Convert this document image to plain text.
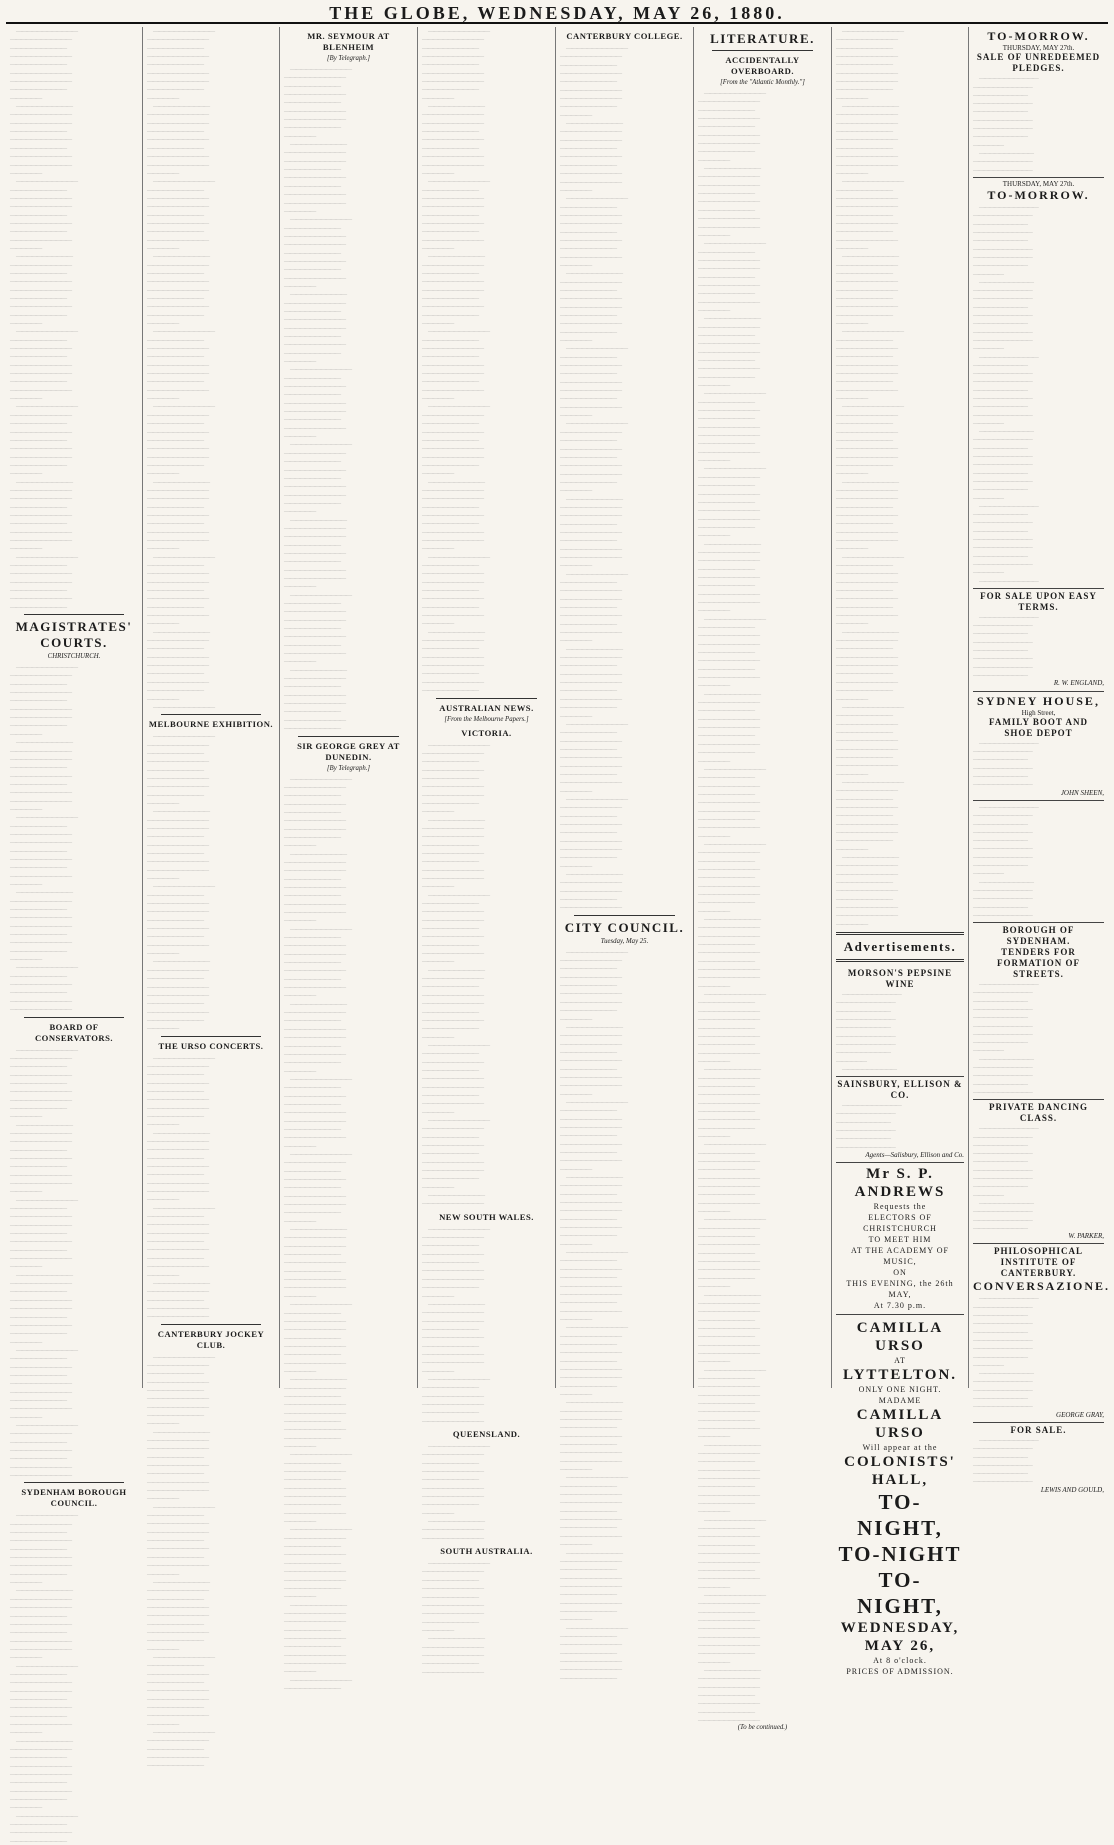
THE GLOBE, WEDNESDAY, MAY 26, 1880.
————————————
————————————
———————————
————————————
———————————
————————————
————————————
———————————
——————
———————————
————————————
————————————
———————————
————————————
———————————
————————————
————————————
——————
————————————
———————————
————————————
————————————
———————————
————————————
———————————
————————————
——————
———————————
————————————
———————————
————————————
————————————
———————————
————————————
———————————
——————
————————————
———————————
————————————
———————————
————————————
————————————
———————————
————————————
——————
————————————
————————————
———————————
————————————
———————————
————————————
————————————
———————————
——————
———————————
————————————
————————————
———————————
————————————
———————————
————————————
————————————
——————
————————————
———————————
————————————
————————————
———————————
————————————
———————————
MAGISTRATES' COURTS.
CHRISTCHURCH.
————————————
————————————
———————————
————————————
———————————
————————————
————————————
———————————
——————
———————————
————————————
————————————
———————————
————————————
———————————
————————————
————————————
——————
————————————
———————————
————————————
————————————
———————————
————————————
———————————
————————————
——————
———————————
————————————
———————————
————————————
————————————
———————————
————————————
———————————
——————
————————————
———————————
————————————
———————————
————————————
————————————
BOARD OF CONSERVATORS.
————————————
————————————
———————————
————————————
———————————
————————————
————————————
———————————
——————
———————————
————————————
————————————
———————————
————————————
———————————
————————————
————————————
——————
————————————
———————————
————————————
————————————
———————————
————————————
———————————
————————————
——————
———————————
————————————
———————————
————————————
————————————
———————————
————————————
———————————
——————
————————————
———————————
————————————
———————————
————————————
————————————
———————————
————————————
——————
————————————
————————————
———————————
————————————
———————————
————————————
————————————
SYDENHAM BOROUGH COUNCIL.
————————————
————————————
———————————
————————————
———————————
————————————
————————————
———————————
——————
———————————
————————————
————————————
———————————
————————————
———————————
————————————
————————————
——————
————————————
———————————
————————————
————————————
———————————
————————————
———————————
————————————
——————
———————————
————————————
———————————
————————————
————————————
———————————
————————————
———————————
——————
————————————
———————————
————————————
———————————
————————————
————————————
———————————
————————————
———————————
————————————
————————————
———————————
——————
———————————
————————————
————————————
———————————
————————————
———————————
————————————
————————————
——————
————————————
———————————
————————————
————————————
———————————
————————————
———————————
————————————
——————
———————————
————————————
———————————
————————————
————————————
———————————
————————————
———————————
——————
————————————
———————————
————————————
———————————
————————————
————————————
———————————
————————————
——————
————————————
————————————
———————————
————————————
———————————
————————————
————————————
———————————
——————
———————————
————————————
————————————
———————————
————————————
———————————
————————————
————————————
——————
————————————
———————————
————————————
————————————
———————————
————————————
———————————
————————————
——————
———————————
————————————
———————————
————————————
————————————
———————————
————————————
———————————
——————
————————————
MELBOURNE EXHIBITION.
————————————
————————————
———————————
————————————
———————————
————————————
————————————
———————————
——————
———————————
————————————
————————————
———————————
————————————
———————————
————————————
————————————
——————
————————————
———————————
————————————
————————————
———————————
————————————
———————————
————————————
——————
———————————
————————————
———————————
————————————
————————————
———————————
————————————
———————————
——————
THE URSO CONCERTS.
————————————
————————————
———————————
————————————
———————————
————————————
————————————
———————————
——————
———————————
————————————
————————————
———————————
————————————
———————————
————————————
————————————
——————
————————————
———————————
————————————
————————————
———————————
————————————
———————————
————————————
——————
———————————
————————————
———————————
————————————
————————————
CANTERBURY JOCKEY CLUB.
————————————
————————————
———————————
————————————
———————————
————————————
————————————
———————————
——————
———————————
————————————
————————————
———————————
————————————
———————————
————————————
————————————
——————
————————————
———————————
————————————
————————————
———————————
————————————
———————————
————————————
——————
———————————
————————————
———————————
————————————
————————————
———————————
————————————
———————————
——————
————————————
———————————
————————————
———————————
————————————
————————————
———————————
————————————
——————
————————————
————————————
———————————
————————————
———————————
MR. SEYMOUR AT BLENHEIM
[By Telegraph.]
————————————
————————————
———————————
————————————
———————————
————————————
————————————
———————————
——————
———————————
————————————
————————————
———————————
————————————
———————————
————————————
————————————
——————
————————————
———————————
————————————
————————————
———————————
————————————
———————————
————————————
——————
———————————
————————————
———————————
————————————
————————————
———————————
————————————
———————————
——————
————————————
———————————
————————————
———————————
————————————
————————————
———————————
————————————
——————
————————————
————————————
———————————
————————————
———————————
————————————
————————————
———————————
——————
———————————
————————————
————————————
———————————
————————————
———————————
————————————
————————————
——————
————————————
———————————
————————————
————————————
———————————
————————————
———————————
————————————
——————
———————————
————————————
———————————
————————————
————————————
———————————
————————————
———————————
SIR GEORGE GREY AT DUNEDIN.
[By Telegraph.]
————————————
————————————
———————————
————————————
———————————
————————————
————————————
———————————
——————
———————————
————————————
————————————
———————————
————————————
———————————
————————————
————————————
——————
————————————
———————————
————————————
————————————
———————————
————————————
———————————
————————————
——————
———————————
————————————
———————————
————————————
————————————
———————————
————————————
———————————
——————
————————————
———————————
————————————
———————————
————————————
————————————
———————————
————————————
——————
————————————
————————————
———————————
————————————
———————————
————————————
————————————
———————————
——————
———————————
————————————
————————————
———————————
————————————
———————————
————————————
————————————
——————
————————————
———————————
————————————
————————————
———————————
————————————
———————————
————————————
——————
———————————
————————————
———————————
————————————
————————————
———————————
————————————
———————————
——————
————————————
———————————
————————————
———————————
————————————
————————————
———————————
————————————
——————
————————————
————————————
———————————
————————————
———————————
————————————
————————————
———————————
——————
———————————
————————————
————————————
———————————
————————————
———————————
————————————
————————————
——————
————————————
———————————
————————————
————————————
———————————
————————————
———————————
————————————
————————————
———————————
——————
———————————
————————————
————————————
———————————
————————————
———————————
————————————
————————————
——————
————————————
———————————
————————————
————————————
———————————
————————————
———————————
————————————
——————
———————————
————————————
———————————
————————————
————————————
———————————
————————————
———————————
——————
————————————
———————————
————————————
———————————
————————————
————————————
———————————
————————————
——————
————————————
————————————
———————————
————————————
———————————
————————————
————————————
———————————
——————
———————————
————————————
————————————
———————————
————————————
———————————
————————————
————————————
——————
————————————
———————————
————————————
————————————
———————————
————————————
———————————
————————————
——————
———————————
————————————
———————————
————————————
————————————
———————————
————————————
———————————
AUSTRALIAN NEWS.
[From the Melbourne Papers.]
VICTORIA.
————————————
————————————
———————————
————————————
———————————
————————————
————————————
———————————
——————
———————————
————————————
————————————
———————————
————————————
———————————
————————————
————————————
——————
————————————
———————————
————————————
————————————
———————————
————————————
———————————
————————————
——————
———————————
————————————
———————————
————————————
————————————
———————————
————————————
———————————
——————
————————————
———————————
————————————
———————————
————————————
————————————
———————————
————————————
——————
————————————
————————————
———————————
————————————
———————————
————————————
————————————
———————————
——————
———————————
————————————
NEW SOUTH WALES.
————————————
————————————
———————————
————————————
———————————
————————————
————————————
———————————
——————
———————————
————————————
————————————
———————————
————————————
———————————
————————————
————————————
——————
————————————
———————————
————————————
————————————
———————————
————————————
QUEENSLAND.
————————————
————————————
———————————
————————————
———————————
————————————
————————————
———————————
——————
———————————
————————————
————————————
SOUTH AUSTRALIA.
————————————
————————————
———————————
————————————
———————————
————————————
————————————
———————————
——————
———————————
————————————
————————————
———————————
————————————
CANTERBURY COLLEGE.
————————————
————————————
———————————
————————————
———————————
————————————
————————————
———————————
——————
———————————
————————————
————————————
———————————
————————————
———————————
————————————
————————————
——————
————————————
———————————
————————————
————————————
———————————
————————————
———————————
————————————
——————
———————————
————————————
———————————
————————————
————————————
———————————
————————————
———————————
——————
————————————
———————————
————————————
———————————
————————————
————————————
———————————
————————————
——————
————————————
————————————
———————————
————————————
———————————
————————————
————————————
———————————
——————
———————————
————————————
————————————
———————————
————————————
———————————
————————————
————————————
——————
————————————
———————————
————————————
————————————
———————————
————————————
———————————
————————————
——————
———————————
————————————
———————————
————————————
————————————
———————————
————————————
———————————
——————
————————————
———————————
————————————
———————————
————————————
————————————
———————————
————————————
——————
————————————
————————————
———————————
————————————
———————————
————————————
————————————
———————————
——————
———————————
————————————
————————————
———————————
————————————
CITY COUNCIL.
Tuesday, May 25.
————————————
————————————
———————————
————————————
———————————
————————————
————————————
———————————
——————
———————————
————————————
————————————
———————————
————————————
———————————
————————————
————————————
——————
————————————
———————————
————————————
————————————
———————————
————————————
———————————
————————————
——————
———————————
————————————
———————————
————————————
————————————
———————————
————————————
———————————
——————
————————————
———————————
————————————
———————————
————————————
————————————
———————————
————————————
——————
————————————
————————————
———————————
————————————
———————————
————————————
————————————
———————————
——————
———————————
————————————
————————————
———————————
————————————
———————————
————————————
————————————
——————
————————————
———————————
————————————
————————————
———————————
————————————
———————————
————————————
——————
———————————
————————————
———————————
————————————
————————————
———————————
————————————
———————————
——————
————————————
———————————
————————————
———————————
————————————
————————————
———————————
LITERATURE.
ACCIDENTALLY OVERBOARD.
[From the "Atlantic Monthly."]
————————————
————————————
———————————
————————————
———————————
————————————
————————————
———————————
——————
———————————
————————————
————————————
———————————
————————————
———————————
————————————
————————————
——————
————————————
———————————
————————————
————————————
———————————
————————————
———————————
————————————
——————
———————————
————————————
———————————
————————————
————————————
———————————
————————————
———————————
——————
————————————
———————————
————————————
———————————
————————————
————————————
———————————
————————————
——————
————————————
————————————
———————————
————————————
———————————
————————————
————————————
———————————
——————
———————————
————————————
————————————
———————————
————————————
———————————
————————————
————————————
——————
————————————
———————————
————————————
————————————
———————————
————————————
———————————
————————————
——————
———————————
————————————
———————————
————————————
————————————
———————————
————————————
———————————
——————
————————————
———————————
————————————
———————————
————————————
————————————
———————————
————————————
——————
————————————
————————————
———————————
————————————
———————————
————————————
————————————
———————————
——————
———————————
————————————
————————————
———————————
————————————
———————————
————————————
————————————
——————
————————————
———————————
————————————
————————————
———————————
————————————
———————————
————————————
——————
———————————
————————————
———————————
————————————
————————————
———————————
————————————
———————————
——————
————————————
———————————
————————————
———————————
————————————
————————————
———————————
————————————
——————
————————————
————————————
———————————
————————————
———————————
————————————
————————————
———————————
——————
———————————
————————————
————————————
———————————
————————————
———————————
————————————
————————————
——————
————————————
———————————
————————————
————————————
———————————
————————————
———————————
————————————
——————
———————————
————————————
———————————
————————————
————————————
———————————
————————————
———————————
——————
————————————
———————————
————————————
———————————
————————————
————————————
———————————
————————————
——————
————————————
————————————
———————————
————————————
———————————
————————————
————————————
———————————
——————
———————————
————————————
————————————
———————————
————————————
———————————
————————————
(To be continued.)
————————————
————————————
———————————
————————————
———————————
————————————
————————————
———————————
——————
———————————
————————————
————————————
———————————
————————————
———————————
————————————
————————————
——————
————————————
———————————
————————————
————————————
———————————
————————————
———————————
————————————
——————
———————————
————————————
———————————
————————————
————————————
———————————
————————————
———————————
——————
————————————
———————————
————————————
———————————
————————————
————————————
———————————
————————————
——————
————————————
————————————
———————————
————————————
———————————
————————————
————————————
———————————
——————
———————————
————————————
————————————
———————————
————————————
———————————
————————————
————————————
——————
————————————
———————————
————————————
————————————
———————————
————————————
———————————
————————————
——————
———————————
————————————
———————————
————————————
————————————
———————————
————————————
———————————
——————
————————————
———————————
————————————
———————————
————————————
————————————
———————————
————————————
——————
————————————
————————————
———————————
————————————
———————————
————————————
————————————
———————————
——————
———————————
————————————
————————————
———————————
————————————
———————————
————————————
————————————
——————
Advertisements.
MORSON'S PEPSINE WINE
————————————
————————————
———————————
————————————
———————————
————————————
————————————
———————————
——————
———————————
SAINSBURY, ELLISON & CO.
————————————
————————————
———————————
————————————
———————————
————————————
Agents—Salisbury, Ellison and Co.
Mr S. P. ANDREWS
Requests the
ELECTORS OF CHRISTCHURCH
TO MEET HIM
AT THE ACADEMY OF MUSIC,
ON
THIS EVENING, the 26th MAY,
At 7.30 p.m.
CAMILLA URSO
AT
LYTTELTON.
ONLY ONE NIGHT.
MADAME
CAMILLA URSO
Will appear at the
COLONISTS' HALL,
TO-NIGHT,
TO-NIGHT
TO-NIGHT,
WEDNESDAY, MAY 26,
At 8 o'clock.
PRICES OF ADMISSION.
TO-MORROW.
THURSDAY, MAY 27th.
SALE OF UNREDEEMED PLEDGES.
————————————
————————————
———————————
————————————
———————————
————————————
————————————
———————————
——————
———————————
————————————
————————————
THURSDAY, MAY 27th.
TO-MORROW.
————————————
————————————
———————————
————————————
———————————
————————————
————————————
———————————
——————
———————————
————————————
————————————
———————————
————————————
———————————
————————————
————————————
——————
————————————
———————————
————————————
————————————
———————————
————————————
———————————
————————————
——————
———————————
————————————
———————————
————————————
————————————
———————————
————————————
———————————
——————
————————————
———————————
————————————
———————————
————————————
————————————
———————————
————————————
——————
————————————
FOR SALE UPON EASY TERMS.
————————————
————————————
———————————
————————————
———————————
————————————
————————————
———————————
R. W. ENGLAND,
SYDNEY HOUSE,
High Street,
FAMILY BOOT AND SHOE DEPOT
————————————
————————————
———————————
————————————
———————————
————————————
JOHN SHEEN,
————————————
————————————
———————————
————————————
———————————
————————————
————————————
———————————
——————
———————————
————————————
————————————
———————————
————————————
BOROUGH OF SYDENHAM.
TENDERS FOR FORMATION OF STREETS.
————————————
————————————
———————————
————————————
———————————
————————————
————————————
———————————
——————
———————————
————————————
————————————
———————————
————————————
PRIVATE DANCING CLASS.
————————————
————————————
———————————
————————————
———————————
————————————
————————————
———————————
——————
———————————
————————————
————————————
———————————
W. PARKER,
PHILOSOPHICAL INSTITUTE OF CANTERBURY.
CONVERSAZIONE.
————————————
————————————
———————————
————————————
———————————
————————————
————————————
———————————
——————
———————————
————————————
————————————
———————————
————————————
GEORGE GRAY,
FOR SALE.
————————————
————————————
———————————
————————————
———————————
————————————
LEWIS AND GOULD,
